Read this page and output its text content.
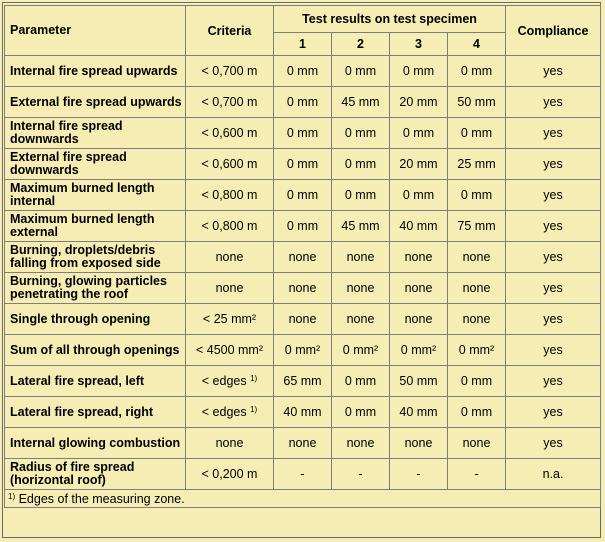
Parameter	Criteria	Test results on test specimen				Compliance
		1	2	3	4	
Internal fire spread upwards	< 0,700 m	0 mm	0 mm	0 mm	0 mm	yes
External fire spread upwards	< 0,700 m	0 mm	45 mm	20 mm	50 mm	yes
Internal fire spread downwards	< 0,600 m	0 mm	0 mm	0 mm	0 mm	yes
External fire spread downwards	< 0,600 m	0 mm	0 mm	20 mm	25 mm	yes
Maximum burned length internal	< 0,800 m	0 mm	0 mm	0 mm	0 mm	yes
Maximum burned length external	< 0,800 m	0 mm	45 mm	40 mm	75 mm	yes
Burning, droplets/debris falling from exposed side	none	none	none	none	none	yes
Burning, glowing particles penetrating the roof	none	none	none	none	none	yes
Single through opening	< 25 mm²	none	none	none	none	yes
Sum of all through openings	< 4500 mm²	0 mm²	0 mm²	0 mm²	0 mm²	yes
Lateral fire spread, left	< edges $^{1)}$	65 mm	0 mm	50 mm	0 mm	yes
Lateral fire spread, right	< edges $^{1)}$	40 mm	0 mm	40 mm	0 mm	yes
Internal glowing combustion	none	none	none	none	none	yes
Radius of fire spread (horizontal roof)	< 0,200 m	-	-	-	-	n.a.
$^{1)}$ Edges of the measuring zone.						
